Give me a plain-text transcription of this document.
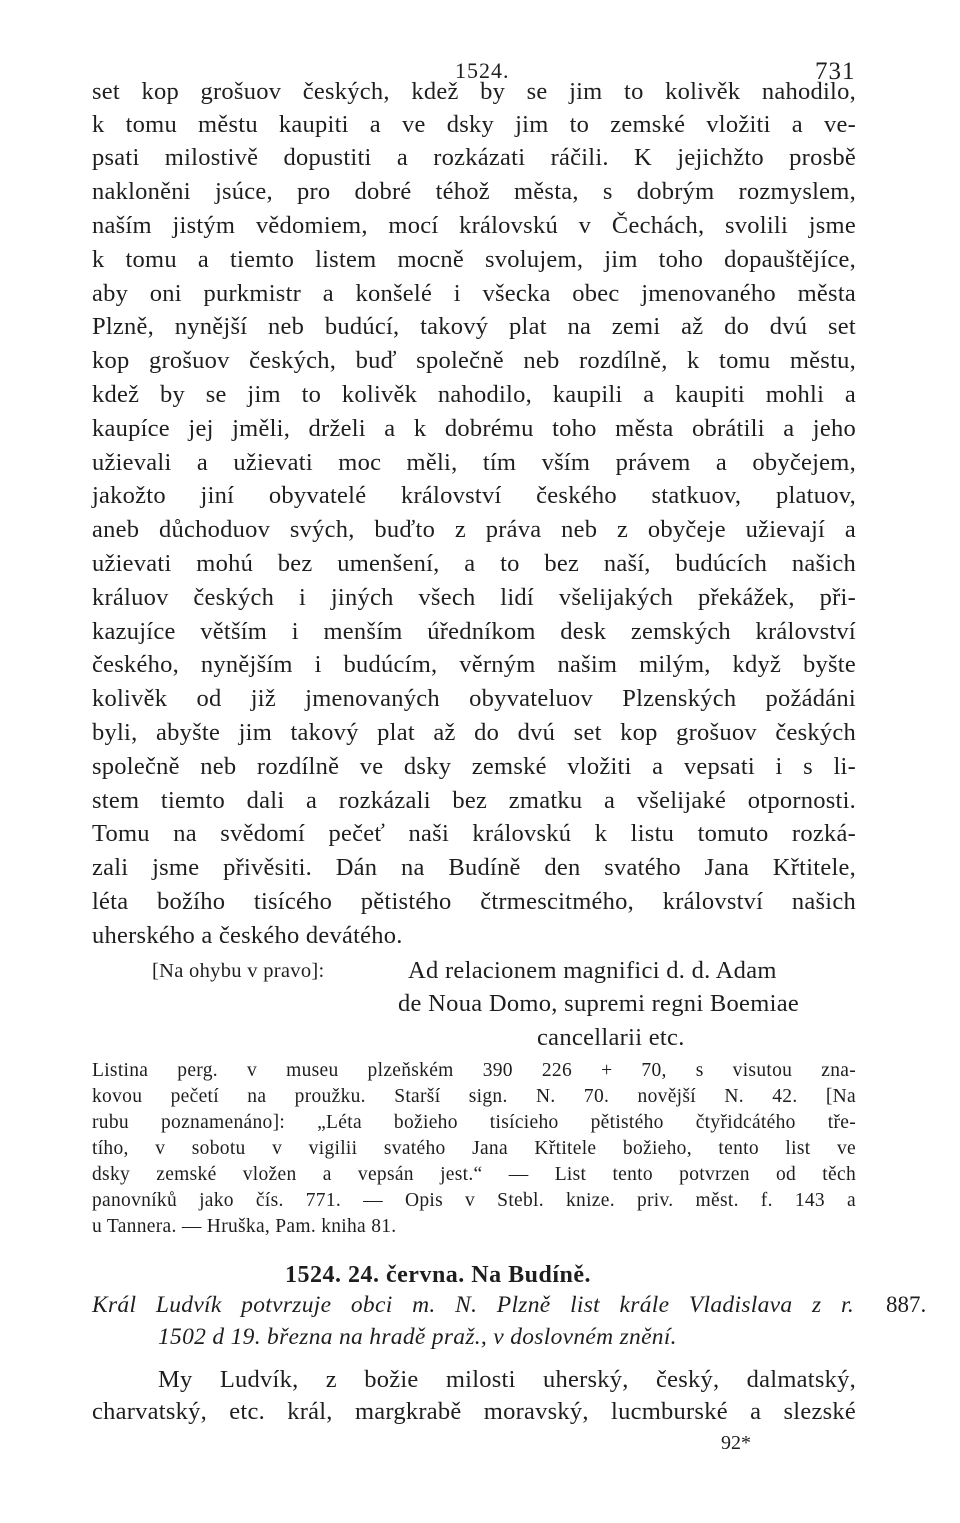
1524.	731
set kop grošuov českých, kdež by se jim to kolivěk nahodilo,
k tomu městu kaupiti a ve dsky jim to zemské vložiti a ve-
psati milostivě dopustiti a rozkázati ráčili. K jejichžto prosbě
nakloněni jsúce, pro dobré téhož města, s dobrým rozmyslem,
naším jistým vědomiem, mocí královskú v Čechách, svolili jsme
k tomu a tiemto listem mocně svolujem, jim toho dopauštějíce,
aby oni purkmistr a konšelé i všecka obec jmenovaného města
Plzně, nynější neb budúcí, takový plat na zemi až do dvú set
kop grošuov českých, buď společně neb rozdílně, k tomu městu,
kdež by se jim to kolivěk nahodilo, kaupili a kaupiti mohli a
kaupíce jej jměli, drželi a k dobrému toho města obrátili a jeho
užievali a užievati moc měli, tím vším právem a obyčejem,
jakožto jiní obyvatelé království českého statkuov, platuov,
aneb důchoduov svých, buďto z práva neb z obyčeje užievají a
užievati mohú bez umenšení, a to bez naší, budúcích našich
králuov českých i jiných všech lidí všelijakých překážek, při-
kazujíce větším i menším úředníkom desk zemských království
českého, nynějším i budúcím, věrným našim milým, když byšte
kolivěk od již jmenovaných obyvateluov Plzenských požádáni
byli, abyšte jim takový plat až do dvú set kop grošuov českých
společně neb rozdílně ve dsky zemské vložiti a vepsati i s li-
stem tiemto dali a rozkázali bez zmatku a všelijaké otpornosti.
Tomu na svědomí pečeť naši královskú k listu tomuto rozká-
zali jsme přivěsiti. Dán na Budíně den svatého Jana Křtitele,
léta božího tisícého pětistého čtrmescitmého, království našich
uherského a českého devátého.
[Na ohybu v pravo]:	Ad relacionem magnifici d. d. Adam
de Noua Domo, supremi regni Boemiae
cancellarii etc.
Listina perg. v museu plzeňském 390 226 + 70, s visutou zna-
kovou pečetí na proužku. Starší sign. N. 70. novější N. 42. [Na
rubu poznamenáno]: „Léta božieho tisícieho pětistého čtyřidcátého tře-
tího, v sobotu v vigilii svatého Jana Křtitele božieho, tento list ve
dsky zemské vložen a vepsán jest.“ — List tento potvrzen od těch
panovníků jako čís. 771. — Opis v Stebl. knize. priv. měst. f. 143 a
u Tannera. — Hruška, Pam. kniha 81.
1524. 24. června. Na Budíně.
Král Ludvík potvrzuje obci m. N. Plzně list krále Vladislava z r.
1502 d 19. března na hradě praž., v doslovném znění.
887.
My Ludvík, z božie milosti uherský, český, dalmatský,
charvatský, etc. král, margkrabě moravský, lucmburské a slezské
92*
